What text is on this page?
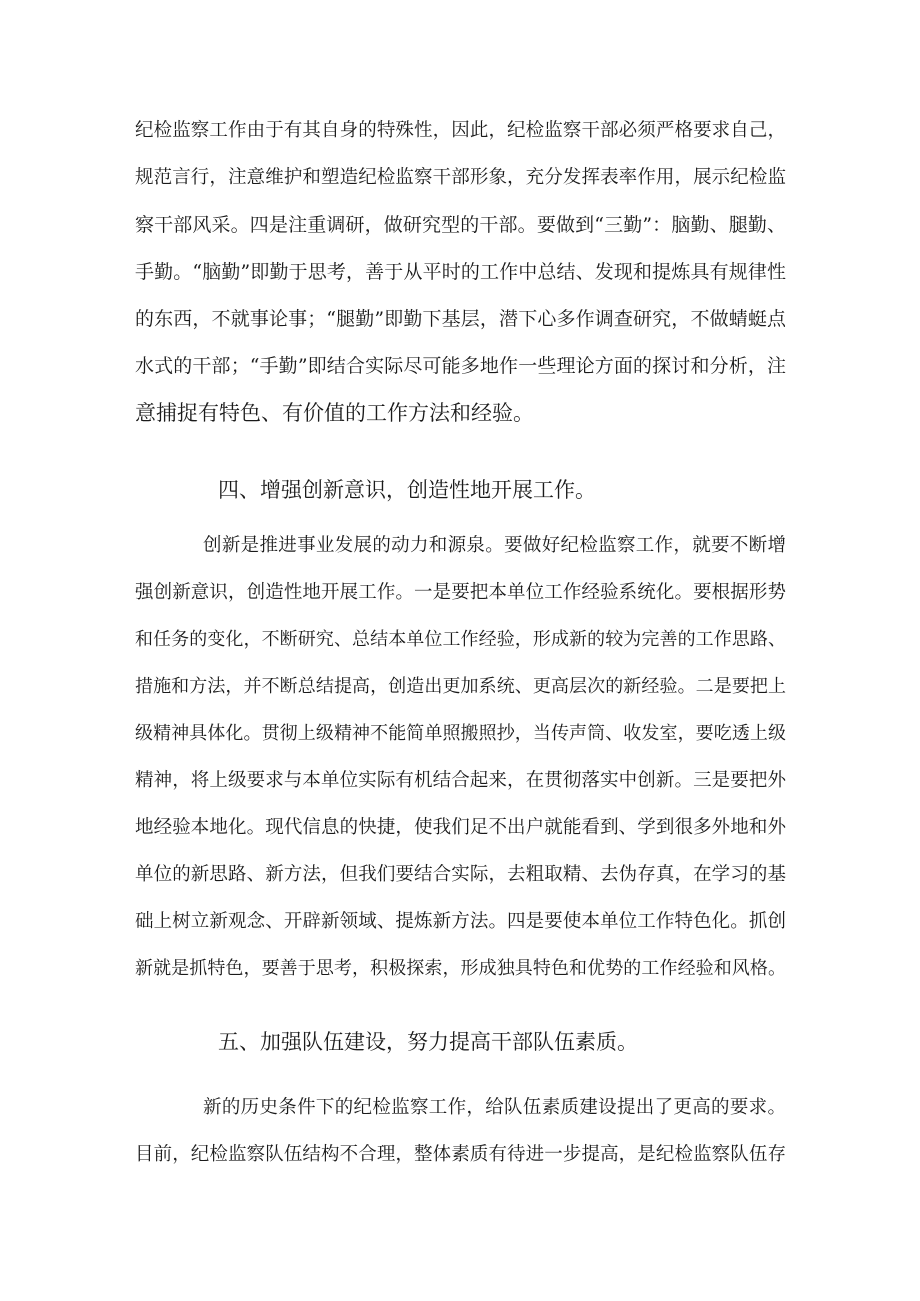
纪检监察工作由于有其自身的特殊性，因此，纪检监察干部必须严格要求自己，
规范言行，注意维护和塑造纪检监察干部形象，充分发挥表率作用，展示纪检监
察干部风采。四是注重调研，做研究型的干部。要做到“三勤”：脑勤、腿勤、
手勤。“脑勤”即勤于思考，善于从平时的工作中总结、发现和提炼具有规律性
的东西，不就事论事；“腿勤”即勤下基层，潜下心多作调查研究，不做蜻蜓点
水式的干部；“手勤”即结合实际尽可能多地作一些理论方面的探讨和分析，注
意捕捉有特色、有价值的工作方法和经验。
四、增强创新意识，创造性地开展工作。
创新是推进事业发展的动力和源泉。要做好纪检监察工作，就要不断增
强创新意识，创造性地开展工作。一是要把本单位工作经验系统化。要根据形势
和任务的变化，不断研究、总结本单位工作经验，形成新的较为完善的工作思路、
措施和方法，并不断总结提高，创造出更加系统、更高层次的新经验。二是要把上
级精神具体化。贯彻上级精神不能简单照搬照抄，当传声筒、收发室，要吃透上级
精神，将上级要求与本单位实际有机结合起来，在贯彻落实中创新。三是要把外
地经验本地化。现代信息的快捷，使我们足不出户就能看到、学到很多外地和外
单位的新思路、新方法，但我们要结合实际，去粗取精、去伪存真，在学习的基
础上树立新观念、开辟新领域、提炼新方法。四是要使本单位工作特色化。抓创
新就是抓特色，要善于思考，积极探索，形成独具特色和优势的工作经验和风格。
五、加强队伍建设，努力提高干部队伍素质。
新的历史条件下的纪检监察工作，给队伍素质建设提出了更高的要求。
目前，纪检监察队伍结构不合理，整体素质有待进一步提高，是纪检监察队伍存
